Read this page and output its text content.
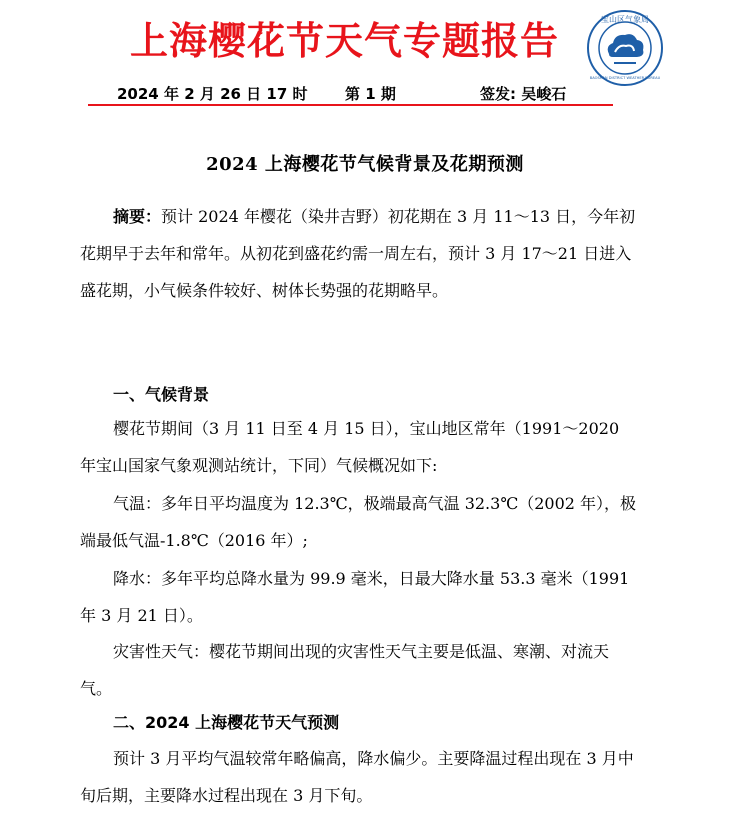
上海樱花节天气专题报告	宝山区气象局
BAOSHAN DISTRICT WEATHER BUREAU
2024 年 2 月 26 日 17 时	第 1 期	签发: 吴峻石
2024 上海樱花节气候背景及花期预测
摘要：预计 2024 年樱花（染井吉野）初花期在 3 月 11～13 日，今年初花期早于去年和常年。从初花到盛花约需一周左右，预计 3 月 17～21 日进入盛花期，小气候条件较好、树体长势强的花期略早。
一、气候背景
樱花节期间（3 月 11 日至 4 月 15 日），宝山地区常年（1991～2020 年宝山国家气象观测站统计，下同）气候概况如下:
气温：多年日平均温度为 12.3℃，极端最高气温 32.3℃（2002 年），极端最低气温-1.8℃（2016 年）;
降水：多年平均总降水量为 99.9 毫米，日最大降水量 53.3 毫米（1991 年 3 月 21 日）。
灾害性天气：樱花节期间出现的灾害性天气主要是低温、寒潮、对流天气。
二、2024 上海樱花节天气预测
预计 3 月平均气温较常年略偏高，降水偏少。主要降温过程出现在 3 月中旬后期，主要降水过程出现在 3 月下旬。
